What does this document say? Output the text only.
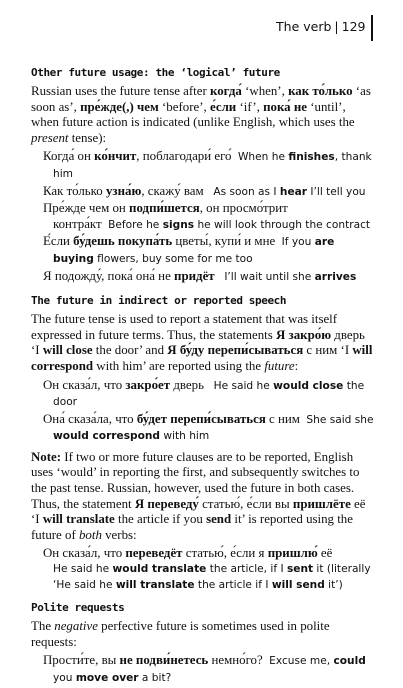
The verb | 129
Other future usage: the ‘logical’ future
Russian uses the future tense after когда́ ‘when’, как то́лько ‘as soon as’, пре́жде(,) чем ‘before’, е́сли ‘if’, пока́ не ‘until’, when future action is indicated (unlike English, which uses the present tense):
Когда́ он ко́нчит, поблагодари́ его́ When he finishes, thank him
Как то́лько узна́ю, скажу́ вам As soon as I hear I’ll tell you
Пре́жде чем он подпи́шется, он просмо́трит контра́кт Before he signs he will look through the contract
Е́сли бу́дешь покупа́ть цветы́, купи́ и мне If you are buying flowers, buy some for me too
Я подожду́, пока́ она́ не придёт I’ll wait until she arrives
The future in indirect or reported speech
The future tense is used to report a statement that was itself expressed in future terms. Thus, the statements Я закро́ю дверь ‘I will close the door’ and Я бу́ду перепи́сываться с ним ‘I will correspond with him’ are reported using the future:
Он сказа́л, что закро́ет дверь He said he would close the door
Она́ сказа́ла, что бу́дет перепи́сываться с ним She said she would correspond with him
Note: If two or more future clauses are to be reported, English uses ‘would’ in reporting the first, and subsequently switches to the past tense. Russian, however, used the future in both cases. Thus, the statement Я переведу́ статью́, е́сли вы пришлёте её ‘I will translate the article if you send it’ is reported using the future of both verbs:
Он сказа́л, что переведёт статью́, е́сли я пришлю́ её
He said he would translate the article, if I sent it (literally ‘He said he will translate the article if I will send it’)
Polite requests
The negative perfective future is sometimes used in polite requests:
Прости́те, вы не подви́нетесь немно́го? Excuse me, could you move over a bit?
